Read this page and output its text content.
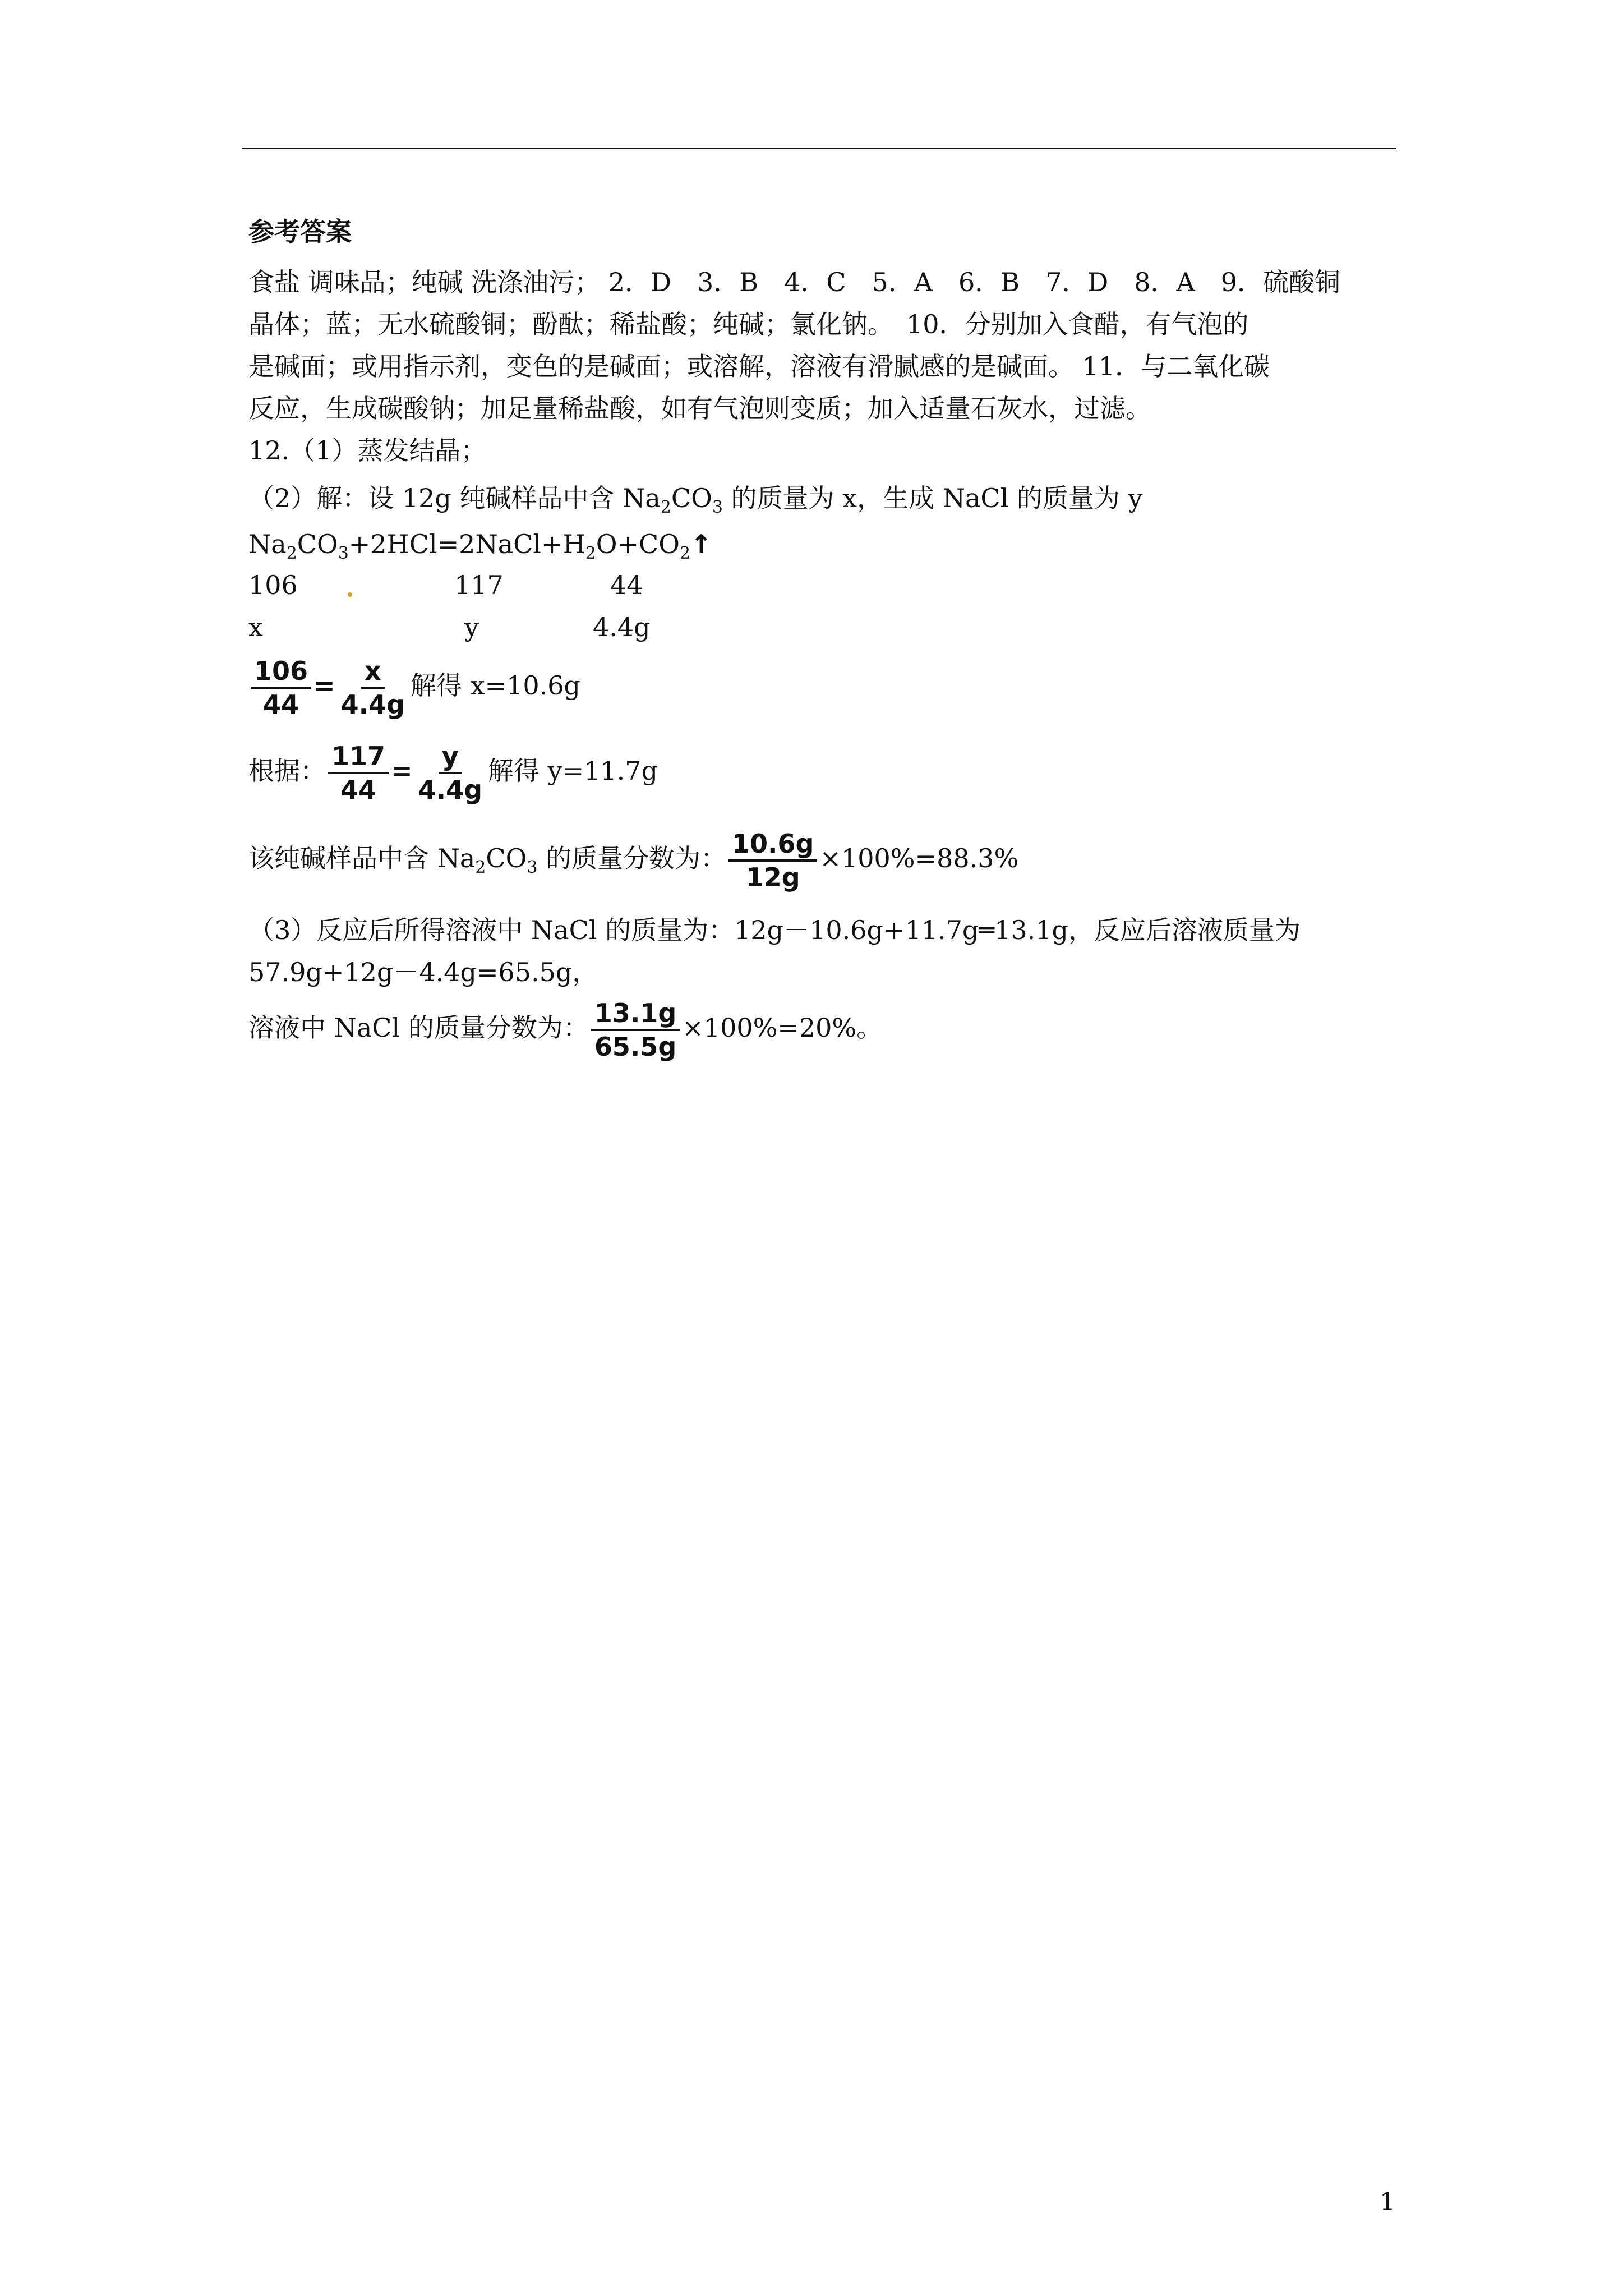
参考答案
食盐 调味品；纯碱 洗涤油污； 2．D　3．B　4．C　5．A　6．B　7．D　8．A　9．硫酸铜
晶体；蓝；无水硫酸铜；酚酞；稀盐酸；纯碱；氯化钠。　10．分别加入食醋，有气泡的
是碱面；或用指示剂，变色的是碱面；或溶解，溶液有滑腻感的是碱面。 11．与二氧化碳
反应，生成碳酸钠；加足量稀盐酸，如有气泡则变质；加入适量石灰水，过滤。
12.（1）蒸发结晶；
（2）解：设 12g 纯碱样品中含 $Na_2CO_3$ 的质量为 x，生成 NaCl 的质量为 y
$Na_2CO_3+2HCl=2NaCl+H_2O+CO_2↑$
106	117	44
x	y	4.4g
$\frac{106}{44} = \frac{x}{4.4g}$ 解得 x=10.6g
根据： $\frac{117}{44} = \frac{y}{4.4g}$ 解得 y=11.7g
该纯碱样品中含 $Na_2CO_3$ 的质量分数为： $\frac{10.6g}{12g} \times 100\%=88.3\%$
（3）反应后所得溶液中 NaCl 的质量为：12g－10.6g+11.7g═13.1g，反应后溶液质量为
57.9g+12g－4.4g=65.5g，
溶液中 NaCl 的质量分数为： $\frac{13.1g}{65.5g} \times 100\%=20\%$。
1
